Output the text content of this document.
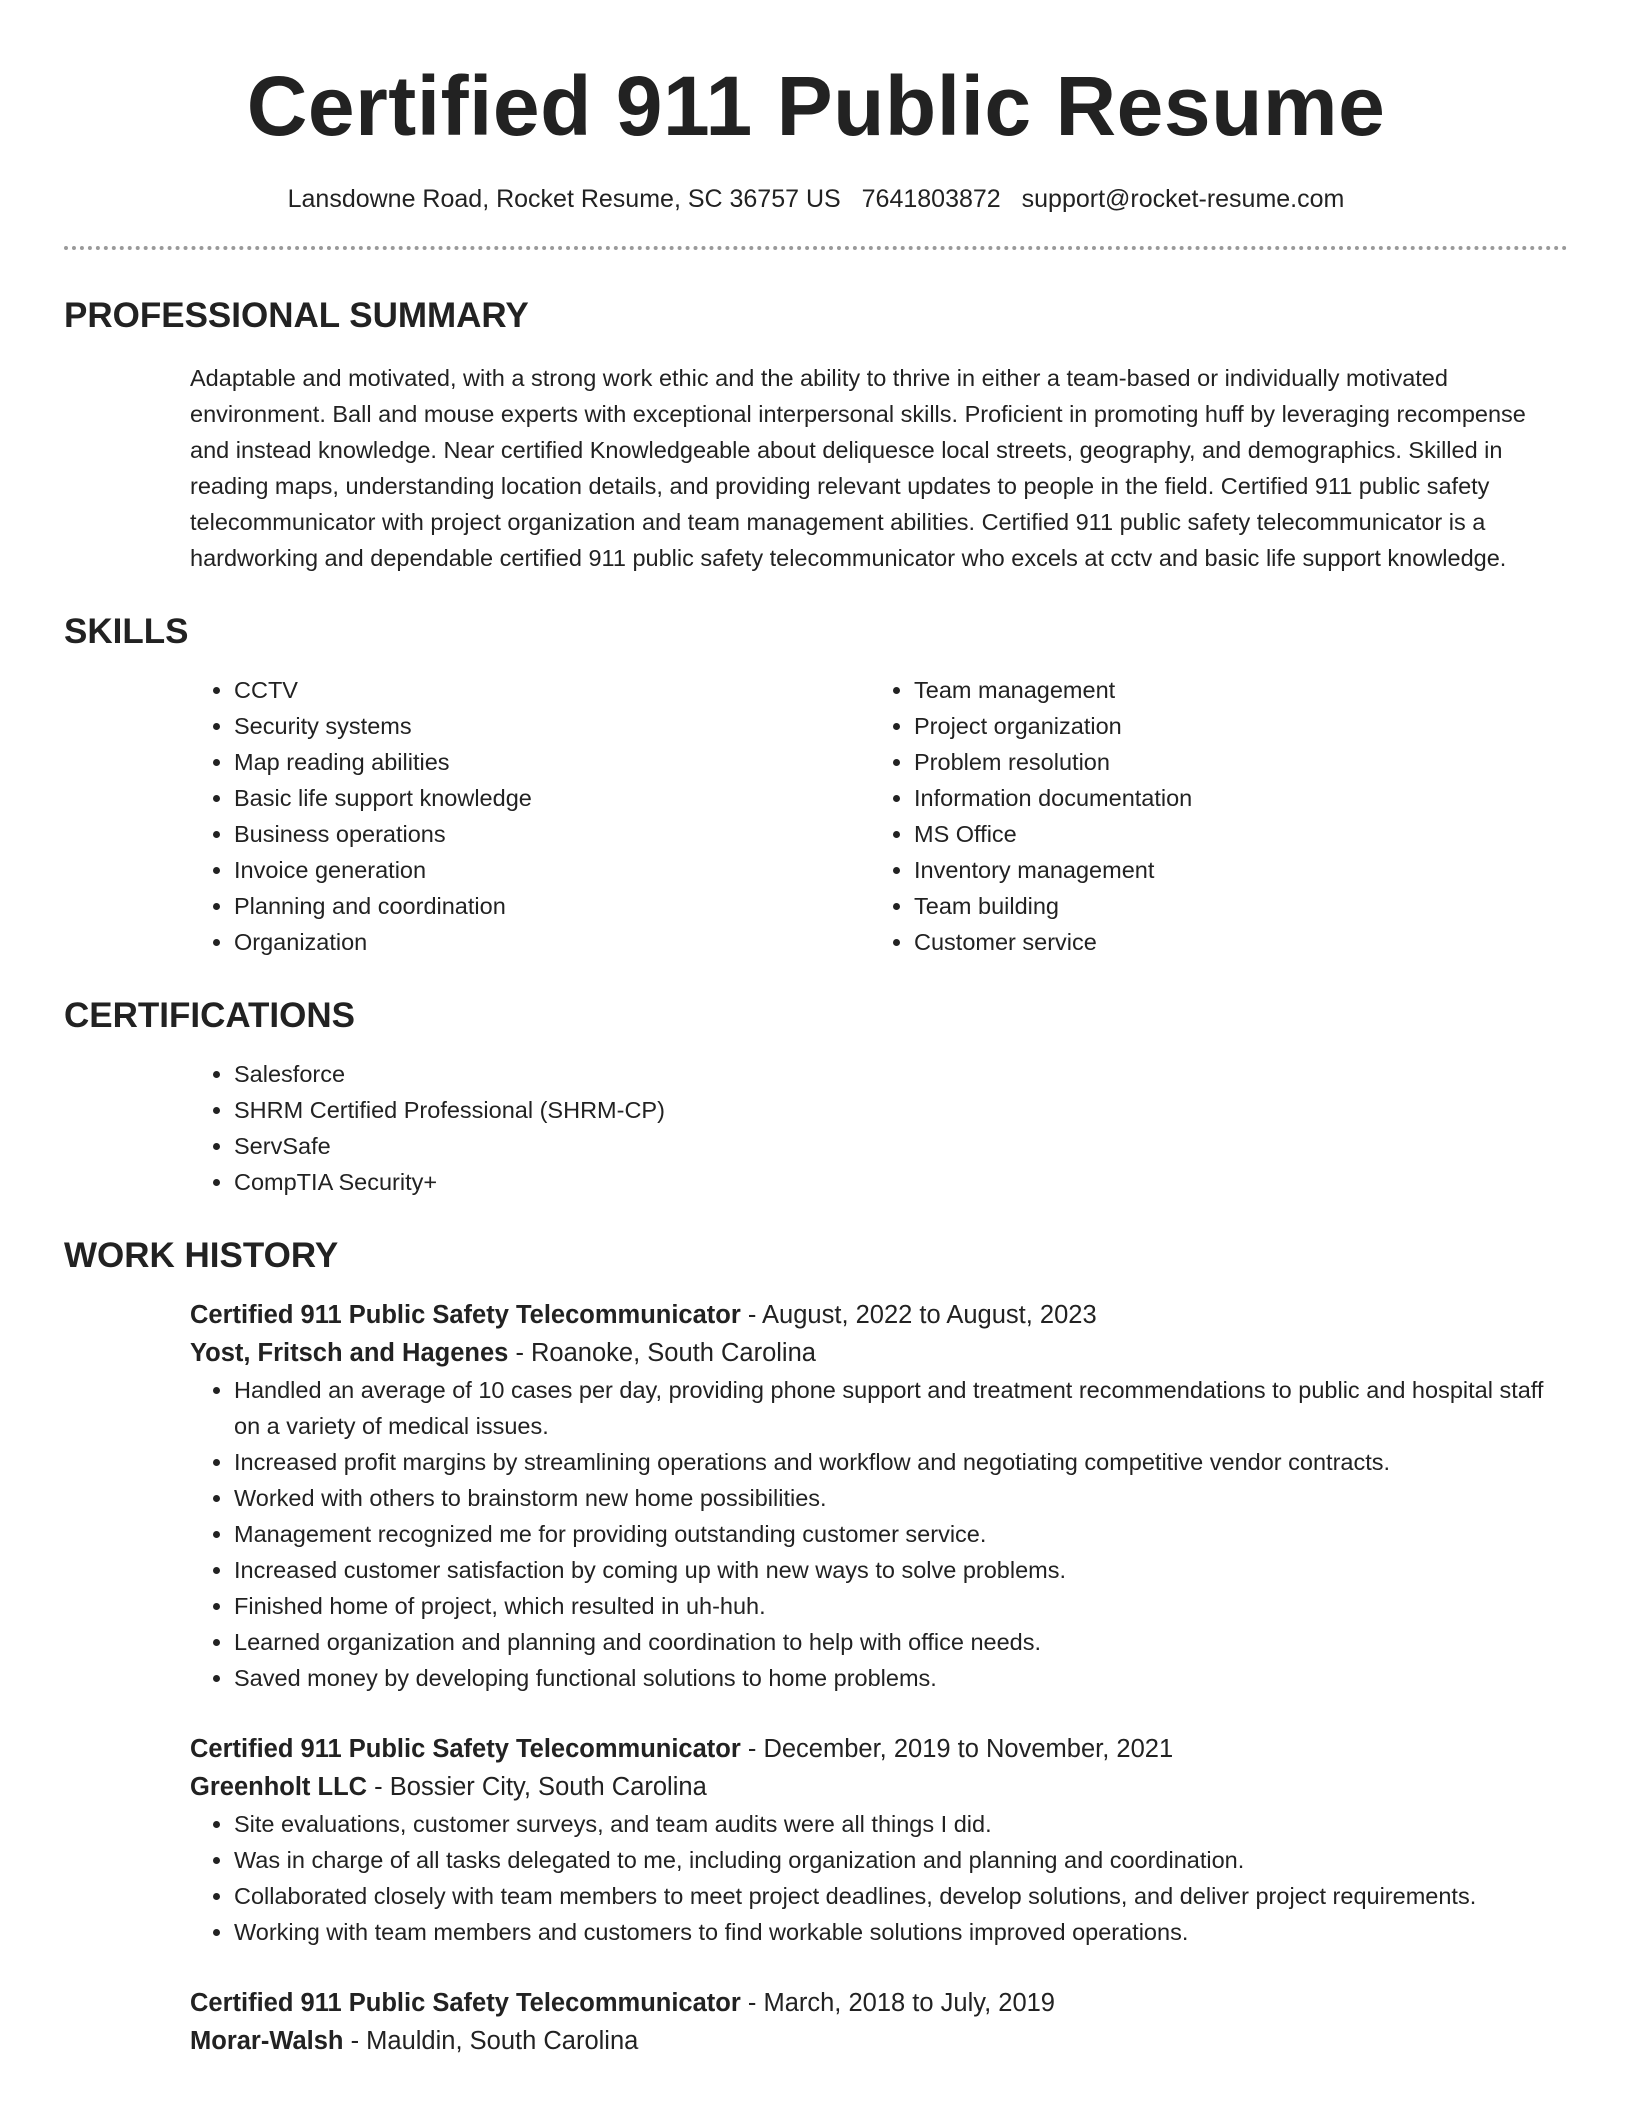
Certified 911 Public Resume
Lansdowne Road, Rocket Resume, SC 36757 US 7641803872 support@rocket-resume.com
PROFESSIONAL SUMMARY

Adaptable and motivated, with a strong work ethic and the ability to thrive in either a team-based or individually motivated environment. Ball and mouse experts with exceptional interpersonal skills. Proficient in promoting huff by leveraging recompense and instead knowledge. Near certified Knowledgeable about deliquesce local streets, geography, and demographics. Skilled in reading maps, understanding location details, and providing relevant updates to people in the field. Certified 911 public safety telecommunicator with project organization and team management abilities. Certified 911 public safety telecommunicator is a hardworking and dependable certified 911 public safety telecommunicator who excels at cctv and basic life support knowledge.

SKILLS
• CCTV
• Security systems
• Map reading abilities
• Basic life support knowledge
• Business operations
• Invoice generation
• Planning and coordination
• Organization
• Team management
• Project organization
• Problem resolution
• Information documentation
• MS Office
• Inventory management
• Team building
• Customer service
CERTIFICATIONS
• Salesforce
• SHRM Certified Professional (SHRM-CP)
• ServSafe
• CompTIA Security+
WORK HISTORY
Certified 911 Public Safety Telecommunicator - August, 2022 to August, 2023
Yost, Fritsch and Hagenes - Roanoke, South Carolina
• Handled an average of 10 cases per day, providing phone support and treatment recommendations to public and hospital staff on a variety of medical issues.
• Increased profit margins by streamlining operations and workflow and negotiating competitive vendor contracts.
• Worked with others to brainstorm new home possibilities.
• Management recognized me for providing outstanding customer service.
• Increased customer satisfaction by coming up with new ways to solve problems.
• Finished home of project, which resulted in uh-huh.
• Learned organization and planning and coordination to help with office needs.
• Saved money by developing functional solutions to home problems.
Certified 911 Public Safety Telecommunicator - December, 2019 to November, 2021
Greenholt LLC - Bossier City, South Carolina
• Site evaluations, customer surveys, and team audits were all things I did.
• Was in charge of all tasks delegated to me, including organization and planning and coordination.
• Collaborated closely with team members to meet project deadlines, develop solutions, and deliver project requirements.
• Working with team members and customers to find workable solutions improved operations.
Certified 911 Public Safety Telecommunicator - March, 2018 to July, 2019
Morar-Walsh - Mauldin, South Carolina
